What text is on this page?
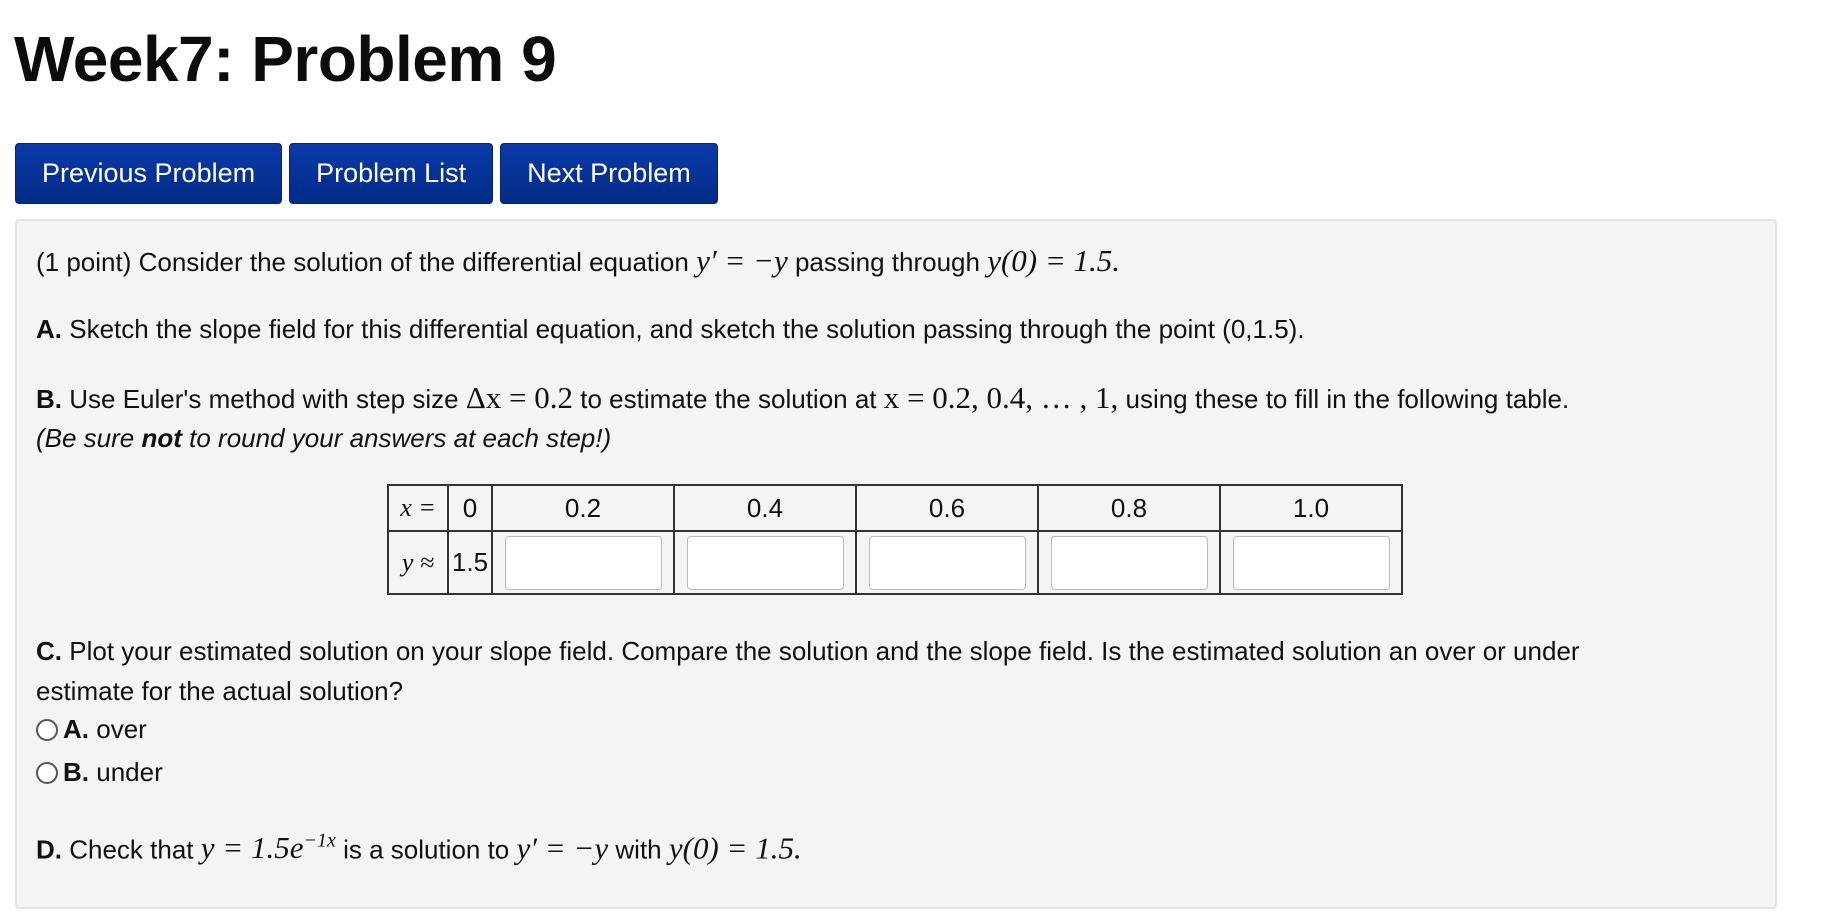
Week7: Problem 9
Previous Problem	Problem List	Next Problem
(1 point) Consider the solution of the differential equation y′ = −y passing through y(0) = 1.5.
A. Sketch the slope field for this differential equation, and sketch the solution passing through the point (0,1.5).
B. Use Euler's method with step size Δx = 0.2 to estimate the solution at x = 0.2, 0.4, … , 1, using these to fill in the following table.
(Be sure not to round your answers at each step!)
x =	0	0.2	0.4	0.6	0.8	1.0
y ≈	1.5	

C. Plot your estimated solution on your slope field. Compare the solution and the slope field. Is the estimated solution an over or under
estimate for the actual solution?
A.
over
B.
under
D. Check that $y = 1.5e^{-1x}$ is a solution to y′ = −y with y(0) = 1.5.
